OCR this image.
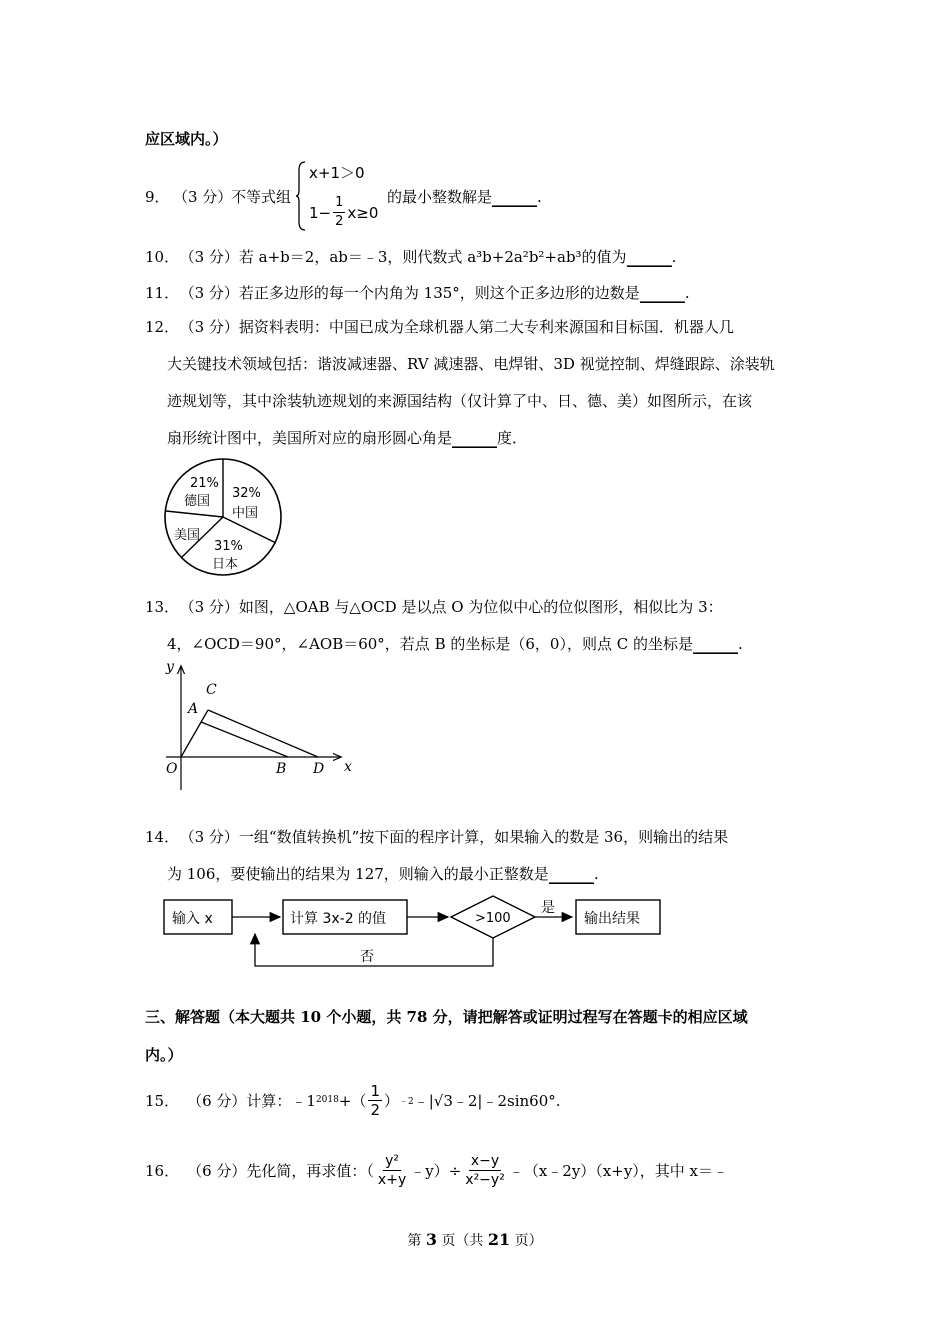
应区域内。）
9． （3 分）
不等式组
x+1＞0
$1- \frac{1}{2} x\ge 0$
的最小整数解是______.
10． （3 分）若 a+b＝2，ab＝﹣3，则代数式 a³b+2a²b²+ab³的值为______.
11． （3 分）若正多边形的每一个内角为 135°，则这个正多边形的边数是______.
12． （3 分）据资料表明：中国已成为全球机器人第二大专利来源国和目标国．机器人几
大关键技术领域包括：谐波减速器、RV 减速器、电焊钳、3D 视觉控制、焊缝跟踪、涂装轨
迹规划等，其中涂装轨迹规划的来源国结构（仅计算了中、日、德、美）如图所示，在该
扇形统计图中，美国所对应的扇形圆心角是______度．
21%
德国
32%
中国
美国
31%
日本
13． （3 分）如图，△OAB 与△OCD 是以点 O 为位似中心的位似图形，相似比为 3：
4，∠OCD＝90°，∠AOB＝60°，若点 B 的坐标是（6，0），则点 C 的坐标是______.
y
x
O
A
C
B D
14． （3 分）一组“数值转换机”按下面的程序计算，如果输入的数是 36，则输出的结果
为 106，要使输出的结果为 127，则输入的最小正整数是______.
输入 x	计算 3x-2 的值	>100
是
输出结果
否
三、解答题（本大题共 10 个小题，共 78 分，请把解答或证明过程写在答题卡的相应区域
内。）
15． （6 分） 计算：﹣1 2018 +（ $\frac{1}{2}$ ） ﹣2 ﹣|√3﹣2|﹣2sin60°.
16． （6 分） 先化简，再求值：（ $\frac{\text{y²}}{x+y}$ ﹣y）÷ $\frac{x-y}{\text{x²−y²}}$ ﹣（x﹣2y）（x+y），其中 x＝﹣
第 3 页（共 21 页）
